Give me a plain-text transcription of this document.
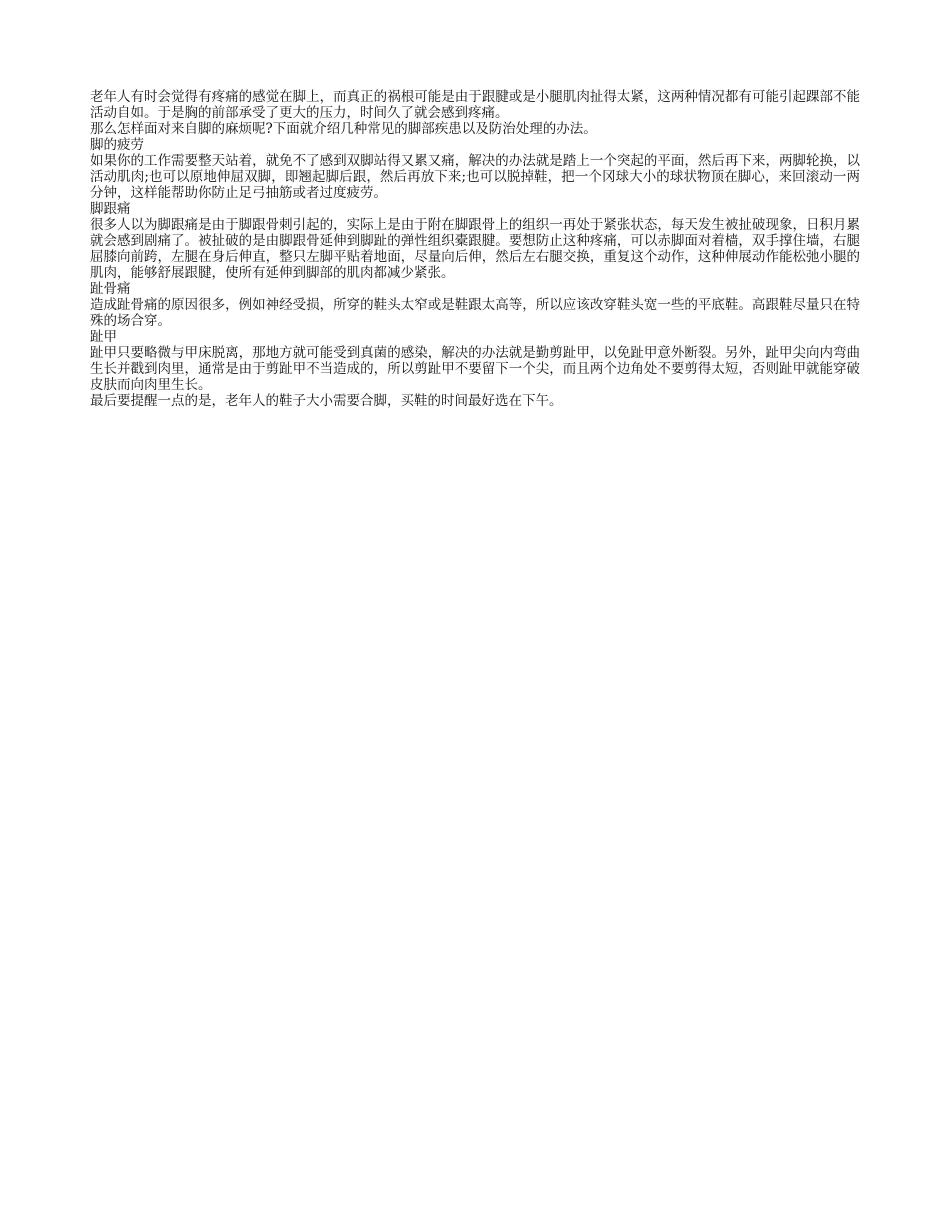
老年人有时会觉得有疼痛的感觉在脚上，而真正的祸根可能是由于跟腱或是小腿肌肉扯得太紧，这两种情况都有可能引起踝部不能活动自如。于是胸的前部承受了更大的压力，时间久了就会感到疼痛。

那么怎样面对来自脚的麻烦呢?下面就介绍几种常见的脚部疾患以及防治处理的办法。

脚的疲劳

如果你的工作需要整天站着，就免不了感到双脚站得又累又痛，解决的办法就是踏上一个突起的平面，然后再下来，两脚轮换，以活动肌肉;也可以原地伸屈双脚，即翘起脚后跟，然后再放下来;也可以脱掉鞋，把一个冈球大小的球状物顶在脚心，来回滚动一两分钟，这样能帮助你防止足弓抽筋或者过度疲劳。

脚跟痛

很多人以为脚跟痛是由于脚跟骨刺引起的，实际上是由于附在脚跟骨上的组织一再处于紧张状态，每天发生被扯破现象，日积月累就会感到剧痛了。被扯破的是由脚跟骨延伸到脚趾的弹性组织橐跟腱。要想防止这种疼痛，可以赤脚面对着樯，双手撑住墙，右腿屈膝向前跨，左腿在身后伸直，整只左脚平贴着地面，尽量向后伸，然后左右腿交换，重复这个动作，这种伸展动作能松弛小腿的肌肉，能够舒展跟腱，使所有延伸到脚部的肌肉都减少紧张。

趾骨痛

造成趾骨痛的原因很多，例如神经受损，所穿的鞋头太窄或是鞋跟太高等，所以应该改穿鞋头宽一些的平底鞋。高跟鞋尽量只在特殊的场合穿。

趾甲

趾甲只要略微与甲床脱离，那地方就可能受到真菌的感染，解决的办法就是勤剪趾甲，以免趾甲意外断裂。另外，趾甲尖向内弯曲生长并戳到肉里，通常是由于剪趾甲不当造成的，所以剪趾甲不要留下一个尖，而且两个边角处不要剪得太短，否则趾甲就能穿破皮肤而向肉里生长。

最后要提醒一点的是，老年人的鞋子大小需要合脚，买鞋的时间最好选在下午。
